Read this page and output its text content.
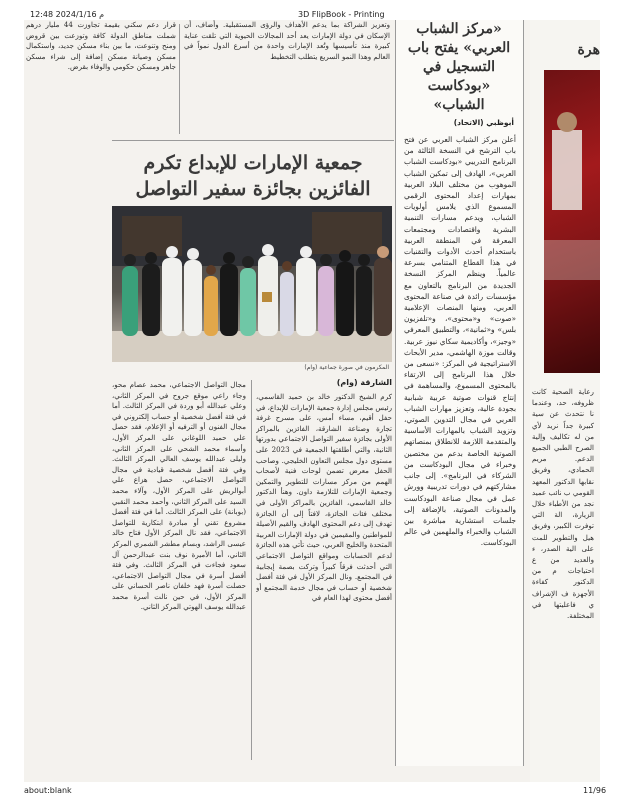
12:48 م 2024/1/16	3D FlipBook - Printing
قرار دعم سكني بقيمة تجاوزت 44 مليار درهم شملت مناطق الدولة كافة وتوزعت بين قروض ومنح وتنوعت، ما بين بناء مسكن جديد، واستكمال مسكن وصيانة مسكن إضافة إلى شراء مسكن جاهز ومسكن حكومي والوفاء بقرض.
وتعزيز الشراكة بما يدعم الأهداف والرؤى المستقبلية. وأضاف، أن الإسكان في دولة الإمارات يعد أحد المجالات الحيوية التي تلقت عناية كبيرة منذ تأسيسها وتُعد الإمارات واحدة من أسرع الدول نمواً في العالم وهذا النمو السريع يتطلب التخطيط
جمعية الإمارات للإبداع تكرم الفائزين بجائزة سفير التواصل
المكرمون في صورة جماعية (وام)
الشارقة (وام)
كرم الشيخ الدكتور خالد بن حميد القاسمي، رئيس مجلس إدارة جمعية الإمارات للإبداع، في حفل أقيم، مساء أمس، على مسرح غرفة تجارة وصناعة الشارقة، الفائزين بالمراكز الأولى بجائزة سفير التواصل الاجتماعي بدورتها الثانية، والتي أطلقتها الجمعية في 2023 على مستوى دول مجلس التعاون الخليجي. وصاحب الحفل معرض تضمن لوحات فنية لأصحاب الهمم من مركز مسارات للتطوير والتمكين وجمعية الإمارات للتلازمة داون. وهنأ الدكتور خالد القاسمي، الفائزين بالمراكز الأولى في مختلف فئات الجائزة، لافتاً إلى أن الجائزة تهدف إلى دعم المحتوى الهادف والقيم الأصيلة للمواطنين والمقيمين في دولة الإمارات العربية المتحدة والخليج العربي، حيث تأتي هذه الجائزة لدعم الحسابات ومواقع التواصل الاجتماعي التي أحدثت فرقاً كبيراً وتركت بصمة إيجابية في المجتمع. ونال المركز الأول في فئة أفضل شخصية أو حساب في مجال خدمة المجتمع أو أفضل محتوى لهذا العام في
مجال التواصل الاجتماعي، محمد عصام محو، وجاء راعي موقع جروح في المركز الثاني، وعلي عبدالله أبو وردة في المركز الثالث. أما في فئة أفضل شخصية أو حساب إلكتروني في مجال الفنون أو الترفيه أو الإعلام، فقد حصل علي حميد اللوغاني على المركز الأول، وأسماء محمد الشحي على المركز الثاني، وليلى عبدالله يوسف العالي المركز الثالث. وفي فئة أفضل شخصية قيادية في مجال التواصل الاجتماعي، حصل هزاع علي أبوالريش على المركز الأول، وآلاء محمد السيد على المركز الثاني، وأحمد محمد النقبي (بوبانة) على المركز الثالث. أما في فئة أفضل مشروع تقني أو مبادرة ابتكارية للتواصل الاجتماعي، فقد نال المركز الأول فتاح خالد عيسى الراشد، وبسام مطشر الشمري المركز الثاني، أما الأميرة نوف بنت عبدالرحمن آل سعود فجاءت في المركز الثالث. وفي فئة أفضل أسرة في مجال التواصل الاجتماعي، حصلت أسرة فهد خلفان ناصر الحساني على المركز الأول، في حين نالت أسرة محمد عبدالله يوسف الهوتي المركز الثاني.
«مركز الشباب العربي» يفتح باب التسجيل في «بودكاست الشباب»
أبوظبي (الاتحاد)
أعلن مركز الشباب العربي عن فتح باب الترشح في النسخة الثالثة من البرنامج التدريبي «بودكاست الشباب العربي»، الهادف إلى تمكين الشباب الموهوب من مختلف البلاد العربية بمهارات إعداد المحتوى الرقمي المسموع الذي يلامس أولويات الشباب، ويدعم مسارات التنمية البشرية واقتصادات ومجتمعات المعرفة في المنطقة العربية باستخدام أحدث الأدوات والتقنيات في هذا القطاع المتنامي بسرعة عالمياً. وينظم المركز النسخة الجديدة من البرنامج بالتعاون مع مؤسسات رائدة في صناعة المحتوى العربي، ومنها المنصات الإعلامية «صوت» و«محتوى»، و«تلفزيون بلس» و«ثمانية»، والتطبيق المعرفي «وجيز»، وأكاديمية سكاي نيوز عربية. وقالت موزة الهاشمي، مدير الأبحاث الاستراتيجية في المركز: «نسعى من خلال هذا البرنامج إلى الارتقاء بالمحتوى المسموع، والمساهمة في إنتاج قنوات صوتية عربية شبابية بجودة عالية، وتعزيز مهارات الشباب العربي في مجال التدوين الصوتي، وتزويد الشباب بالمهارات الأساسية والمتقدمة اللازمة للانطلاق بمنصاتهم الصوتية الخاصة بدعم من مختصين وخبراء في مجال البودكاست من الشركاء في البرنامج». إلى جانب مشاركتهم في دورات تدريبية وورش عمل في مجال صناعة البودكاست والمدونات الصوتية، بالإضافة إلى جلسات استشارية مباشرة بين الشباب والخبراء والملهمين في عالم البودكاست.
هرة
رعاية الصحية كانت ظروفه، حد، وعندما نا نتحدث عن سية كبيرة جداً نريد لأي من له تكاليف وإلية الصرح الطبي الجميع الدعم. مريم الحمادي، وفريق نقابها الدكتور المعهد القومي ب نائب عميد نجد من الأطباء خلال الزيارة، الة التي توفرت الكبير، وفريق هيل والتطوير للمت على الية الصدر، ء والعديد من ع احتياجات م من الدكتور كفاءة الأجهزة ف الإشراف ي فاعليتها في المختلفة.
about:blank	11/96
